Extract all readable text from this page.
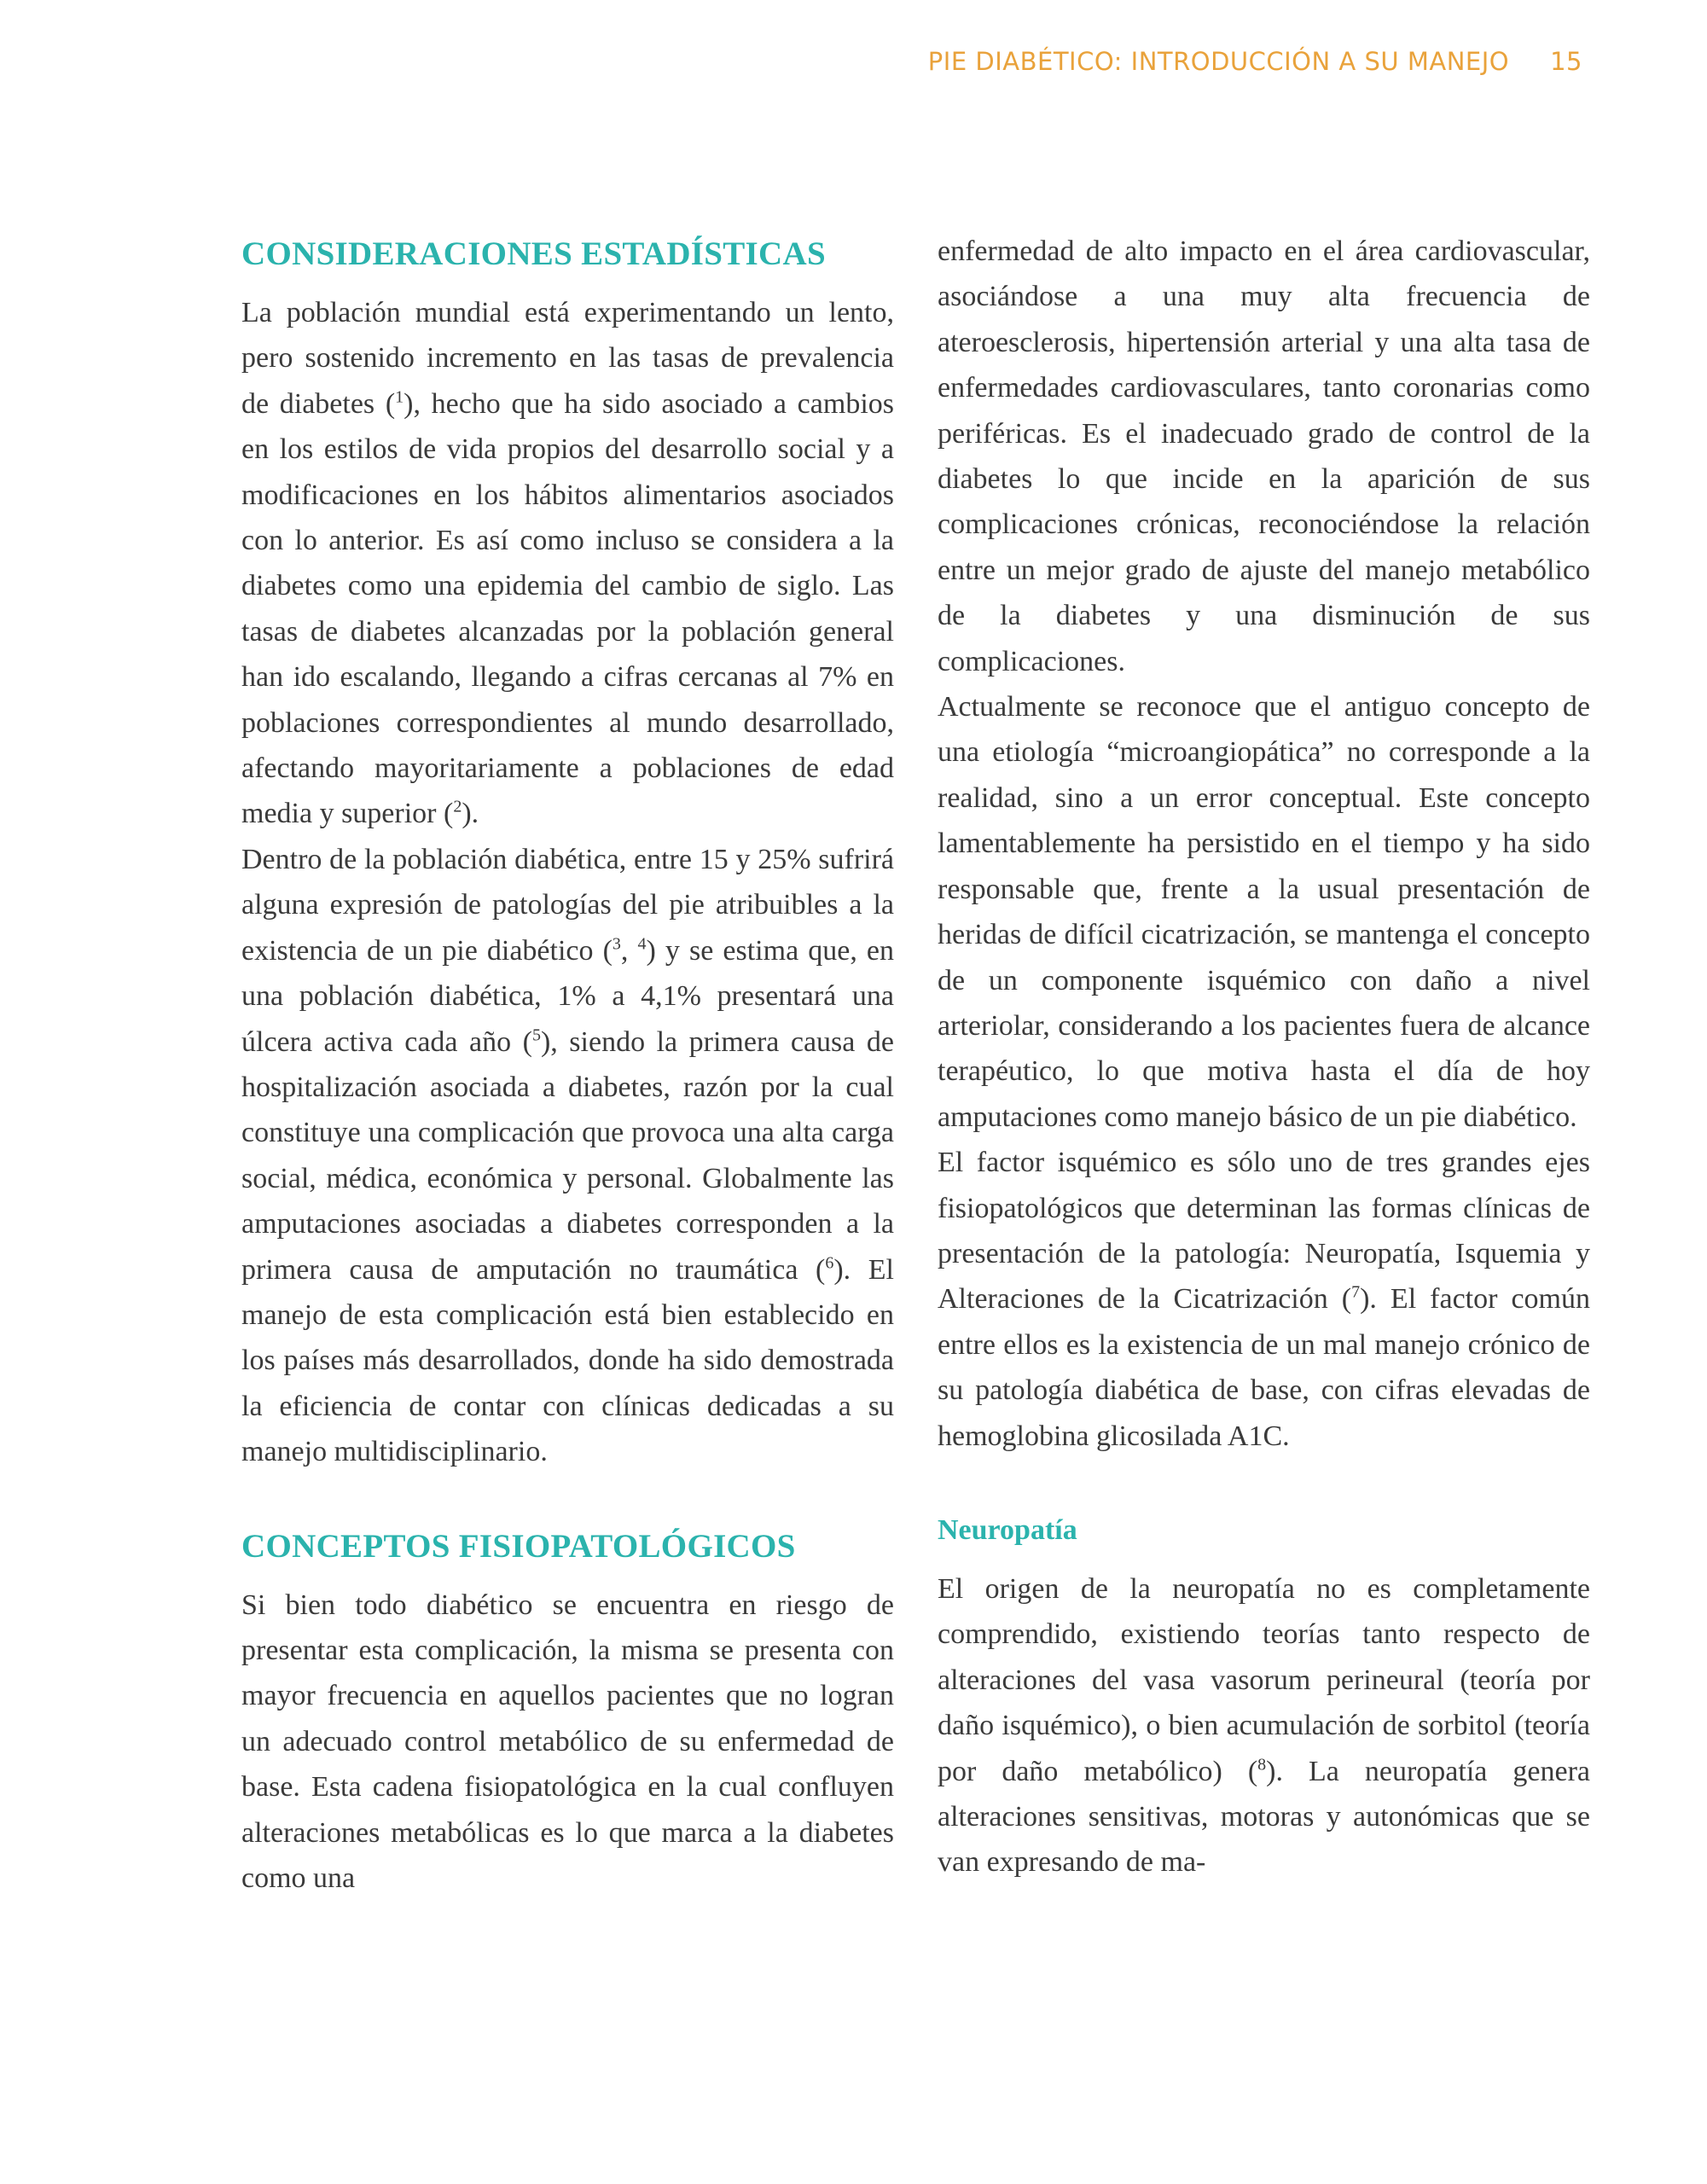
PIE DIABÉTICO: INTRODUCCIÓN A SU MANEJO 15
CONSIDERACIONES ESTADÍSTICAS

La población mundial está experimentando un lento, pero sostenido incremento en las tasas de prevalencia de diabetes ($^1$), hecho que ha sido asociado a cambios en los estilos de vida propios del desarrollo social y a modificaciones en los hábitos alimentarios asociados con lo anterior. Es así como incluso se considera a la diabetes como una epidemia del cambio de siglo. Las tasas de diabetes alcanzadas por la población general han ido escalando, llegando a cifras cercanas al 7% en poblaciones correspondientes al mundo desarrollado, afectando mayoritariamente a poblaciones de edad media y superior ($^2$).

Dentro de la población diabética, entre 15 y 25% sufrirá alguna expresión de patologías del pie atribuibles a la existencia de un pie diabético ($^3$, $^4$) y se estima que, en una población diabética, 1% a 4,1% presentará una úlcera activa cada año ($^5$), siendo la primera causa de hospitalización asociada a diabetes, razón por la cual constituye una complicación que provoca una alta carga social, médica, económica y personal. Globalmente las amputaciones asociadas a diabetes corresponden a la primera causa de amputación no traumática ($^6$). El manejo de esta complicación está bien establecido en los países más desarrollados, donde ha sido demostrada la eficiencia de contar con clínicas dedicadas a su manejo multidisciplinario.

CONCEPTOS FISIOPATOLÓGICOS

Si bien todo diabético se encuentra en riesgo de presentar esta complicación, la misma se presenta con mayor frecuencia en aquellos pacientes que no logran un adecuado control metabólico de su enfermedad de base. Esta cadena fisiopatológica en la cual confluyen alteraciones metabólicas es lo que marca a la diabetes como una

enfermedad de alto impacto en el área cardiovascular, asociándose a una muy alta frecuencia de ateroesclerosis, hipertensión arterial y una alta tasa de enfermedades cardiovasculares, tanto coronarias como periféricas. Es el inadecuado grado de control de la diabetes lo que incide en la aparición de sus complicaciones crónicas, reconociéndose la relación entre un mejor grado de ajuste del manejo metabólico de la diabetes y una disminución de sus complicaciones.

Actualmente se reconoce que el antiguo concepto de una etiología “microangiopática” no corresponde a la realidad, sino a un error conceptual. Este concepto lamentablemente ha persistido en el tiempo y ha sido responsable que, frente a la usual presentación de heridas de difícil cicatrización, se mantenga el concepto de un componente isquémico con daño a nivel arteriolar, considerando a los pacientes fuera de alcance terapéutico, lo que motiva hasta el día de hoy amputaciones como manejo básico de un pie diabético.

El factor isquémico es sólo uno de tres grandes ejes fisiopatológicos que determinan las formas clínicas de presentación de la patología: Neuropatía, Isquemia y Alteraciones de la Cicatrización ($^7$). El factor común entre ellos es la existencia de un mal manejo crónico de su patología diabética de base, con cifras elevadas de hemoglobina glicosilada A1C.

Neuropatía

El origen de la neuropatía no es completamente comprendido, existiendo teorías tanto respecto de alteraciones del vasa vasorum perineural (teoría por daño isquémico), o bien acumulación de sorbitol (teoría por daño metabólico) ($^8$). La neuropatía genera alteraciones sensitivas, motoras y autonómicas que se van expresando de ma-
